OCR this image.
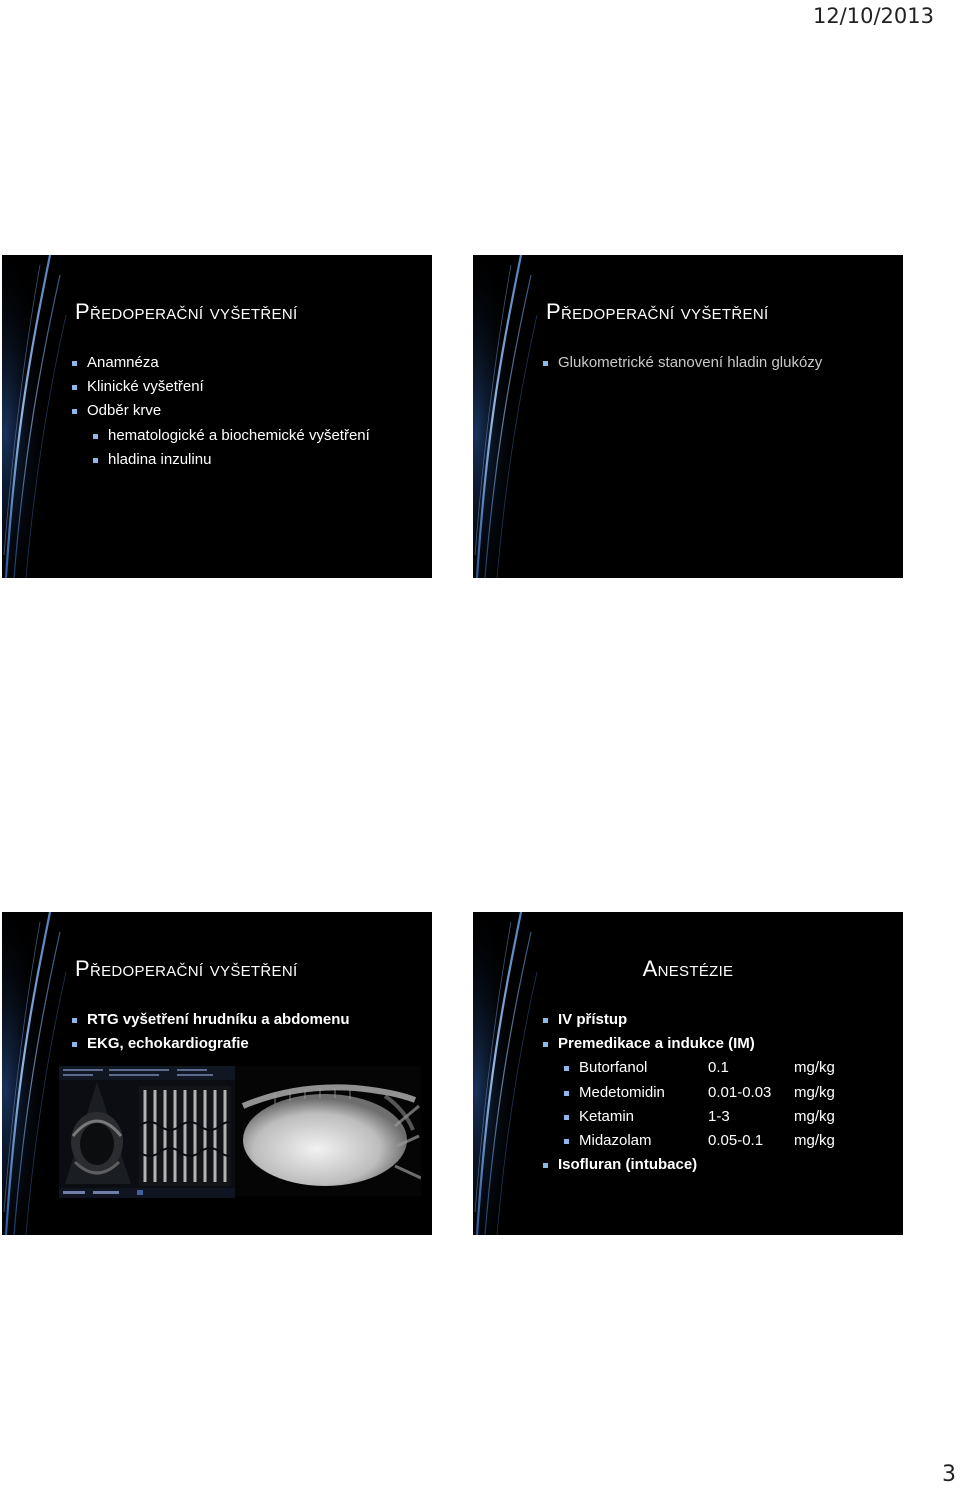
12/10/2013
Předoperační vyšetření
Anamnéza
Klinické vyšetření
Odběr krve
hematologické a biochemické vyšetření
hladina inzulinu
Předoperační vyšetření
Glukometrické stanovení hladin glukózy
Předoperační vyšetření
RTG vyšetření hrudníku a abdomenu
EKG, echokardiografie
Anestézie
IV přístup
Premedikace a indukce (IM)
Butorfanol	0.1	mg/kg
Medetomidin	0.01-0.03 mg/kg
Ketamin	1-3	mg/kg
Midazolam	0.05-0.1 mg/kg
Isofluran (intubace)
3
